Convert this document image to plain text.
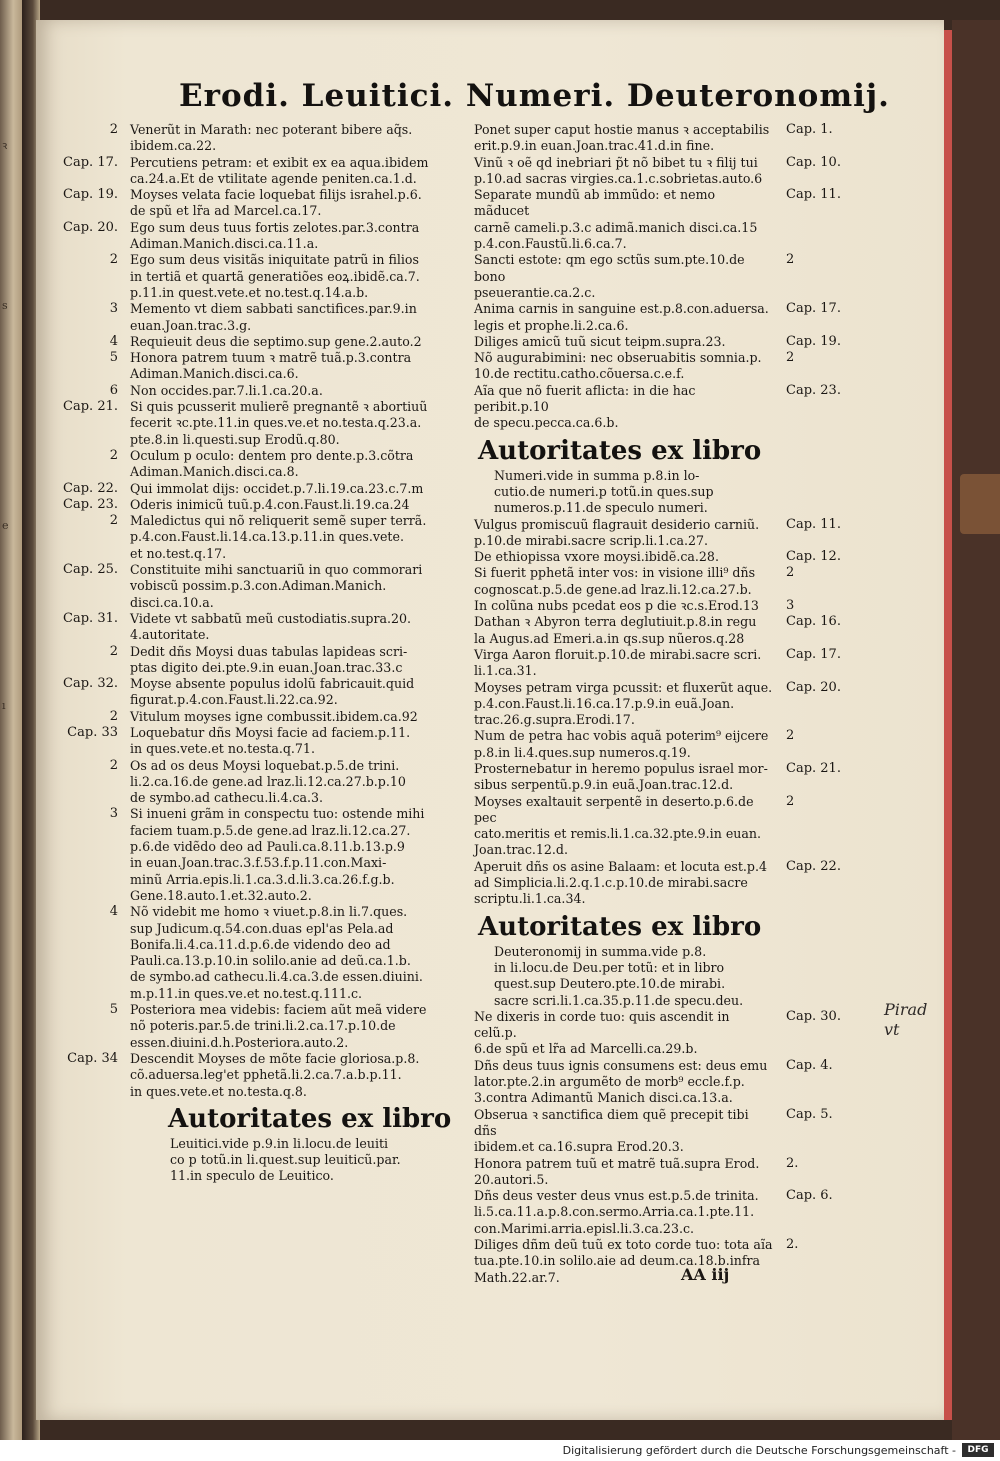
ꝛ
s
e
ı
Erodi. Leuitici. Numeri. Deuteronomij.
2 Venerũt in Marath: nec poterant bibere aq̃s.
ibidem.ca.22.
Cap. 17. Percutiens petram: et exibit ex ea aqua.ibidem
ca.24.a.Et de vtilitate agende peniten.ca.1.d.
Cap. 19. Moyses velata facie loquebat filijs israhel.p.6.
de spũ et lr̃a ad Marcel.ca.17.
Cap. 20. Ego sum deus tuus fortis zelotes.par.3.contra
Adiman.Manich.disci.ca.11.a.
2 Ego sum deus visitãs iniquitate patrũ in filios
in tertiã et quartã generatiões eoꝝ.ibidẽ.ca.7.
p.11.in quest.vete.et no.test.q.14.a.b.
3 Memento vt diem sabbati sanctifices.par.9.in
euan.Joan.trac.3.g.
4 Requieuit deus die septimo.sup gene.2.auto.2
5 Honora patrem tuum ꝛ matrẽ tuã.p.3.contra
Adiman.Manich.disci.ca.6.
6 Non occides.par.7.li.1.ca.20.a.
Cap. 21. Si quis pcusserit mulierẽ pregnantẽ ꝛ abortiuũ
fecerit ꝛc.pte.11.in ques.ve.et no.testa.q.23.a.
pte.8.in li.questi.sup Erodũ.q.80.
2 Oculum p oculo: dentem pro dente.p.3.cõtra
Adiman.Manich.disci.ca.8.
Cap. 22. Qui immolat dijs: occidet.p.7.li.19.ca.23.c.7.m
Cap. 23. Oderis inimicũ tuũ.p.4.con.Faust.li.19.ca.24
2 Maledictus qui nõ reliquerit semẽ super terrã.
p.4.con.Faust.li.14.ca.13.p.11.in ques.vete.
et no.test.q.17.
Cap. 25. Constituite mihi sanctuariũ in quo commorari
vobiscũ possim.p.3.con.Adiman.Manich.
disci.ca.10.a.
Cap. 31. Videte vt sabbatũ meũ custodiatis.supra.20.
4.autoritate.
2 Dedit dñs Moysi duas tabulas lapideas scri-
ptas digito dei.pte.9.in euan.Joan.trac.33.c
Cap. 32. Moyse absente populus idolũ fabricauit.quid
figurat.p.4.con.Faust.li.22.ca.92.
2 Vitulum moyses igne combussit.ibidem.ca.92
Cap. 33 Loquebatur dñs Moysi facie ad faciem.p.11.
in ques.vete.et no.testa.q.71.
2 Os ad os deus Moysi loquebat.p.5.de trini.
li.2.ca.16.de gene.ad lraz.li.12.ca.27.b.p.10
de symbo.ad cathecu.li.4.ca.3.
3 Si inueni grãm in conspectu tuo: ostende mihi
faciem tuam.p.5.de gene.ad lraz.li.12.ca.27.
p.6.de vidẽdo deo ad Pauli.ca.8.11.b.13.p.9
in euan.Joan.trac.3.f.53.f.p.11.con.Maxi-
minũ Arria.epis.li.1.ca.3.d.li.3.ca.26.f.g.b.
Gene.18.auto.1.et.32.auto.2.
4 Nõ videbit me homo ꝛ viuet.p.8.in li.7.ques.
sup Judicum.q.54.con.duas epl'as Pela.ad
Bonifa.li.4.ca.11.d.p.6.de videndo deo ad
Pauli.ca.13.p.10.in solilo.anie ad deũ.ca.1.b.
de symbo.ad cathecu.li.4.ca.3.de essen.diuini.
m.p.11.in ques.ve.et no.test.q.111.c.
5 Posteriora mea videbis: faciem aũt meã videre
nõ poteris.par.5.de trini.li.2.ca.17.p.10.de
essen.diuini.d.h.Posteriora.auto.2.
Cap. 34 Descendit Moyses de mõte facie gloriosa.p.8.
cõ.aduersa.leg'et pphetã.li.2.ca.7.a.b.p.11.
in ques.vete.et no.testa.q.8.
Autoritates ex libro
Leuitici.vide p.9.in li.locu.de leuiti
co p totũ.in li.quest.sup leuiticũ.par.
11.in speculo de Leuitico.
Cap. 1.
Ponet super caput hostie manus ꝛ acceptabilis
erit.p.9.in euan.Joan.trac.41.d.in fine.
Cap. 10.
Vinũ ꝛ oẽ qd inebriari p̃t nõ bibet tu ꝛ filij tui
p.10.ad sacras virgies.ca.1.c.sobrietas.auto.6
Cap. 11.
Separate mundũ ab immũdo: et nemo mãducet
carnẽ cameli.p.3.c adimã.manich disci.ca.15
p.4.con.Faustũ.li.6.ca.7.
2
Sancti estote: qm ego sctũs sum.pte.10.de bono
pseuerantie.ca.2.c.
Cap. 17.
Anima carnis in sanguine est.p.8.con.aduersa.
legis et prophe.li.2.ca.6.
Cap. 19.
Diliges amicũ tuũ sicut teipm.supra.23.
2
Nõ augurabimini: nec obseruabitis somnia.p.
10.de rectitu.catho.cõuersa.c.e.f.
Cap. 23.
Aĩa que nõ fuerit aflicta: in die hac peribit.p.10
de specu.pecca.ca.6.b.
Autoritates ex libro
Numeri.vide in summa p.8.in lo-
cutio.de numeri.p totũ.in ques.sup
numeros.p.11.de speculo numeri.
Cap. 11.
Vulgus promiscuũ flagrauit desiderio carniũ.
p.10.de mirabi.sacre scrip.li.1.ca.27.
Cap. 12.
De ethiopissa vxore moysi.ibidẽ.ca.28.
2
Si fuerit pphetã inter vos: in visione illi⁹ dñs
cognoscat.p.5.de gene.ad lraz.li.12.ca.27.b.
3
In colũna nubs pcedat eos p die ꝛc.s.Erod.13
Cap. 16.
Dathan ꝛ Abyron terra deglutiuit.p.8.in regu
la Augus.ad Emeri.a.in qs.sup nũeros.q.28
Cap. 17.
Virga Aaron floruit.p.10.de mirabi.sacre scri.
li.1.ca.31.
Cap. 20.
Moyses petram virga pcussit: et fluxerũt aque.
p.4.con.Faust.li.16.ca.17.p.9.in euã.Joan.
trac.26.g.supra.Erodi.17.
2
Num de petra hac vobis aquã poterim⁹ eijcere
p.8.in li.4.ques.sup numeros.q.19.
Cap. 21.
Prosternebatur in heremo populus israel mor-
sibus serpentũ.p.9.in euã.Joan.trac.12.d.
2
Moyses exaltauit serpentẽ in deserto.p.6.de pec
cato.meritis et remis.li.1.ca.32.pte.9.in euan.
Joan.trac.12.d.
Cap. 22.
Aperuit dñs os asine Balaam: et locuta est.p.4
ad Simplicia.li.2.q.1.c.p.10.de mirabi.sacre
scriptu.li.1.ca.34.
Autoritates ex libro
Deuteronomij in summa.vide p.8.
in li.locu.de Deu.per totũ: et in libro
quest.sup Deutero.pte.10.de mirabi.
sacre scri.li.1.ca.35.p.11.de specu.deu.
Cap. 30.
Ne dixeris in corde tuo: quis ascendit in celũ.p.
6.de spũ et lr̃a ad Marcelli.ca.29.b.
Cap. 4.
Dñs deus tuus ignis consumens est: deus emu
lator.pte.2.in argumẽto de morb⁹ eccle.f.p.
3.contra Adimantũ Manich disci.ca.13.a.
Cap. 5.
Obserua ꝛ sanctifica diem quẽ precepit tibi dñs
ibidem.et ca.16.supra Erod.20.3.
2.
Honora patrem tuũ et matrẽ tuã.supra Erod.
20.autori.5.
Cap. 6.
Dñs deus vester deus vnus est.p.5.de trinita.
li.5.ca.11.a.p.8.con.sermo.Arria.ca.1.pte.11.
con.Marimi.arria.episl.li.3.ca.23.c.
2.
Diliges dñm deũ tuũ ex toto corde tuo: tota aĩa
tua.pte.10.in solilo.aie ad deum.ca.18.b.infra
Math.22.ar.7.
Pirad
vt
AA iij
Digitalisierung gefördert durch die Deutsche Forschungsgemeinschaft -	DFG
